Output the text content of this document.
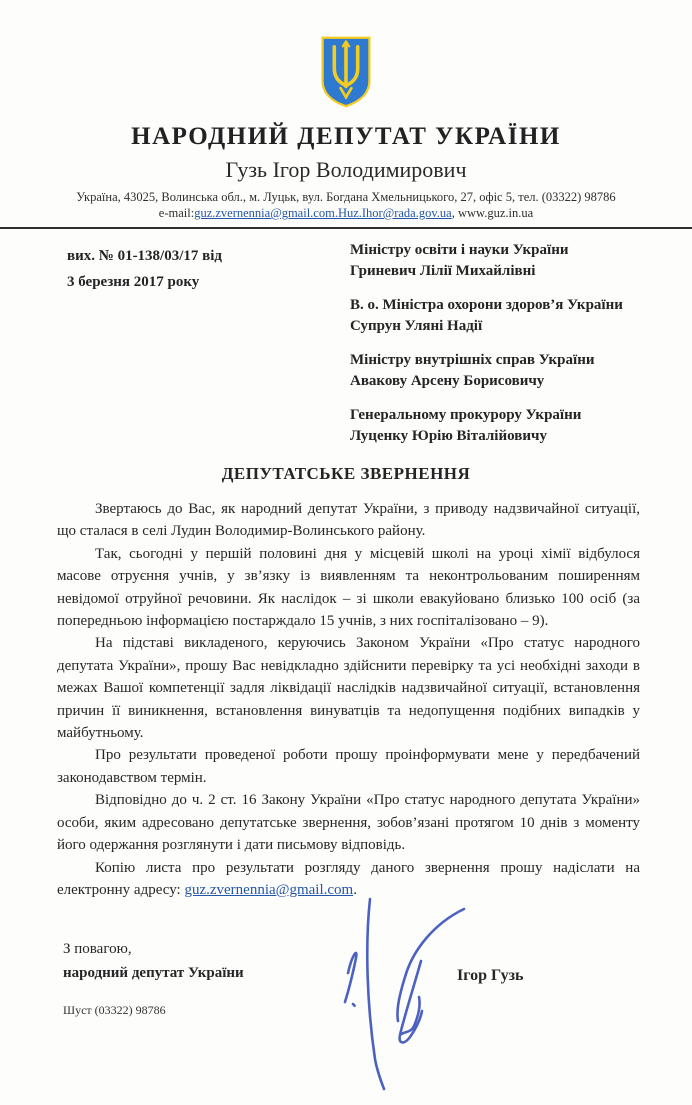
НАРОДНИЙ ДЕПУТАТ УКРАЇНИ
Гузь Ігор Володимирович
Україна, 43025, Волинська обл., м. Луцьк, вул. Богдана Хмельницького, 27, офіс 5, тел. (03322) 98786
e-mail:guz.zvernennia@gmail.com.Huz.Ihor@rada.gov.ua, www.guz.in.ua
вих. № 01-138/03/17 від
3 березня 2017 року
Міністру освіти і науки України
Гриневич Лілії Михайлівні
В. о. Міністра охорони здоров’я України
Супрун Уляні Надії
Міністру внутрішніх справ України
Авакову Арсену Борисовичу
Генеральному прокурору України
Луценку Юрію Віталійовичу
ДЕПУТАТСЬКЕ ЗВЕРНЕННЯ

Звертаюсь до Вас, як народний депутат України, з приводу надзвичайної ситуації, що сталася в селі Лудин Володимир-Волинського району.

Так, сьогодні у першій половині дня у місцевій школі на уроці хімії відбулося масове отруєння учнів, у зв’язку із виявленням та неконтрольованим поширенням невідомої отруйної речовини. Як наслідок – зі школи евакуйовано близько 100 осіб (за попередньою інформацією постарждало 15 учнів, з них госпіталізовано – 9).

На підставі викладеного, керуючись Законом України «Про статус народного депутата України», прошу Вас невідкладно здійснити перевірку та усі необхідні заходи в межах Вашої компетенції задля ліквідації наслідків надзвичайної ситуації, встановлення причин її виникнення, встановлення винуватців та недопущення подібних випадків у майбутньому.

Про результати проведеної роботи прошу проінформувати мене у передбачений законодавством термін.

Відповідно до ч. 2 ст. 16 Закону України «Про статус народного депутата України» особи, яким адресовано депутатське звернення, зобов’язані протягом 10 днів з моменту його одержання розглянути і дати письмову відповідь.

Копію листа про результати розгляду даного звернення прошу надіслати на електронну адресу: guz.zvernennia@gmail.com.

З повагою,
народний депутат України	Ігор Гузь
Шуст (03322) 98786
